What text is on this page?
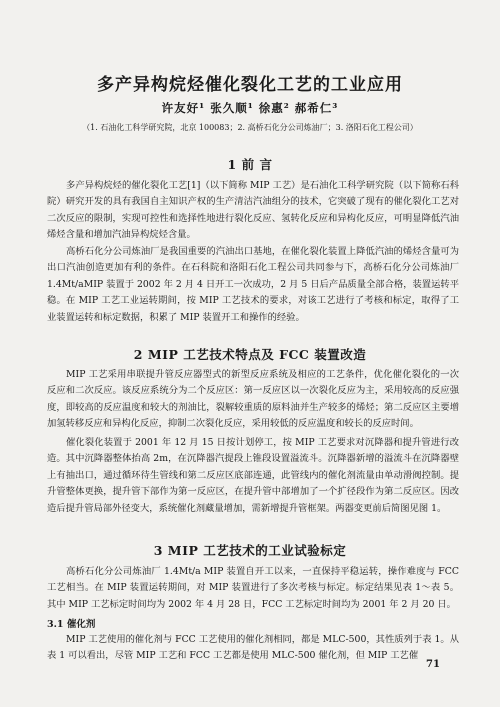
多产异构烷烃催化裂化工艺的工业应用
许友好¹ 张久顺¹ 徐惠² 郝希仁³
（1. 石油化工科学研究院，北京 100083；2. 高桥石化分公司炼油厂；3. 洛阳石化工程公司）
1 前 言
多产异构烷烃的催化裂化工艺[1]（以下简称 MIP 工艺）是石油化工科学研究院（以下简称石科院）研究开发的具有我国自主知识产权的生产清洁汽油组分的技术，它突破了现有的催化裂化工艺对二次反应的限制，实现可控性和选择性地进行裂化反应、氢转化反应和异构化反应，可明显降低汽油烯烃含量和增加汽油异构烷烃含量。
高桥石化分公司炼油厂是我国重要的汽油出口基地，在催化裂化装置上降低汽油的烯烃含量可为出口汽油创造更加有利的条件。在石科院和洛阳石化工程公司共同参与下，高桥石化分公司炼油厂 1.4Mt/aMIP 装置于 2002 年 2 月 4 日开工一次成功，2 月 5 日后产品质量全部合格，装置运转平稳。在 MIP 工艺工业运转期间，按 MIP 工艺技术的要求，对该工艺进行了考核和标定，取得了工业装置运转和标定数据，积累了 MIP 装置开工和操作的经验。
2 MIP 工艺技术特点及 FCC 装置改造
MIP 工艺采用串联提升管反应器型式的新型反应系统及相应的工艺条件，优化催化裂化的一次反应和二次反应。该反应系统分为二个反应区：第一反应区以一次裂化反应为主，采用较高的反应强度，即较高的反应温度和较大的剂油比，裂解较重质的原料油并生产较多的烯烃；第二反应区主要增加氢转移反应和异构化反应，抑制二次裂化反应，采用较低的反应温度和较长的反应时间。
催化裂化装置于 2001 年 12 月 15 日按计划停工，按 MIP 工艺要求对沉降器和提升管进行改造。其中沉降器整体抬高 2m，在沉降器汽提段上锥段设置溢流斗。沉降器新增的溢流斗在沉降器壁上有抽出口，通过循环待生管线和第二反应区底部连通，此管线内的催化剂流量由单动滑阀控制。提升管整体更换，提升管下部作为第一反应区，在提升管中部增加了一个扩径段作为第二反应区。因改造后提升管局部外径变大，系统催化剂藏量增加，需新增提升管框架。两器变更前后简图见图 1。
3 MIP 工艺技术的工业试验标定
高桥石化分公司炼油厂 1.4Mt/a MIP 装置自开工以来，一直保持平稳运转，操作难度与 FCC 工艺相当。在 MIP 装置运转期间，对 MIP 装置进行了多次考核与标定。标定结果见表 1～表 5。其中 MIP 工艺标定时间均为 2002 年 4 月 28 日，FCC 工艺标定时间均为 2001 年 2 月 20 日。
3.1 催化剂
MIP 工艺使用的催化剂与 FCC 工艺使用的催化剂相同，都是 MLC-500，其性质列于表 1。从表 1 可以看出，尽管 MIP 工艺和 FCC 工艺都是使用 MLC-500 催化剂，但 MIP 工艺催
71
